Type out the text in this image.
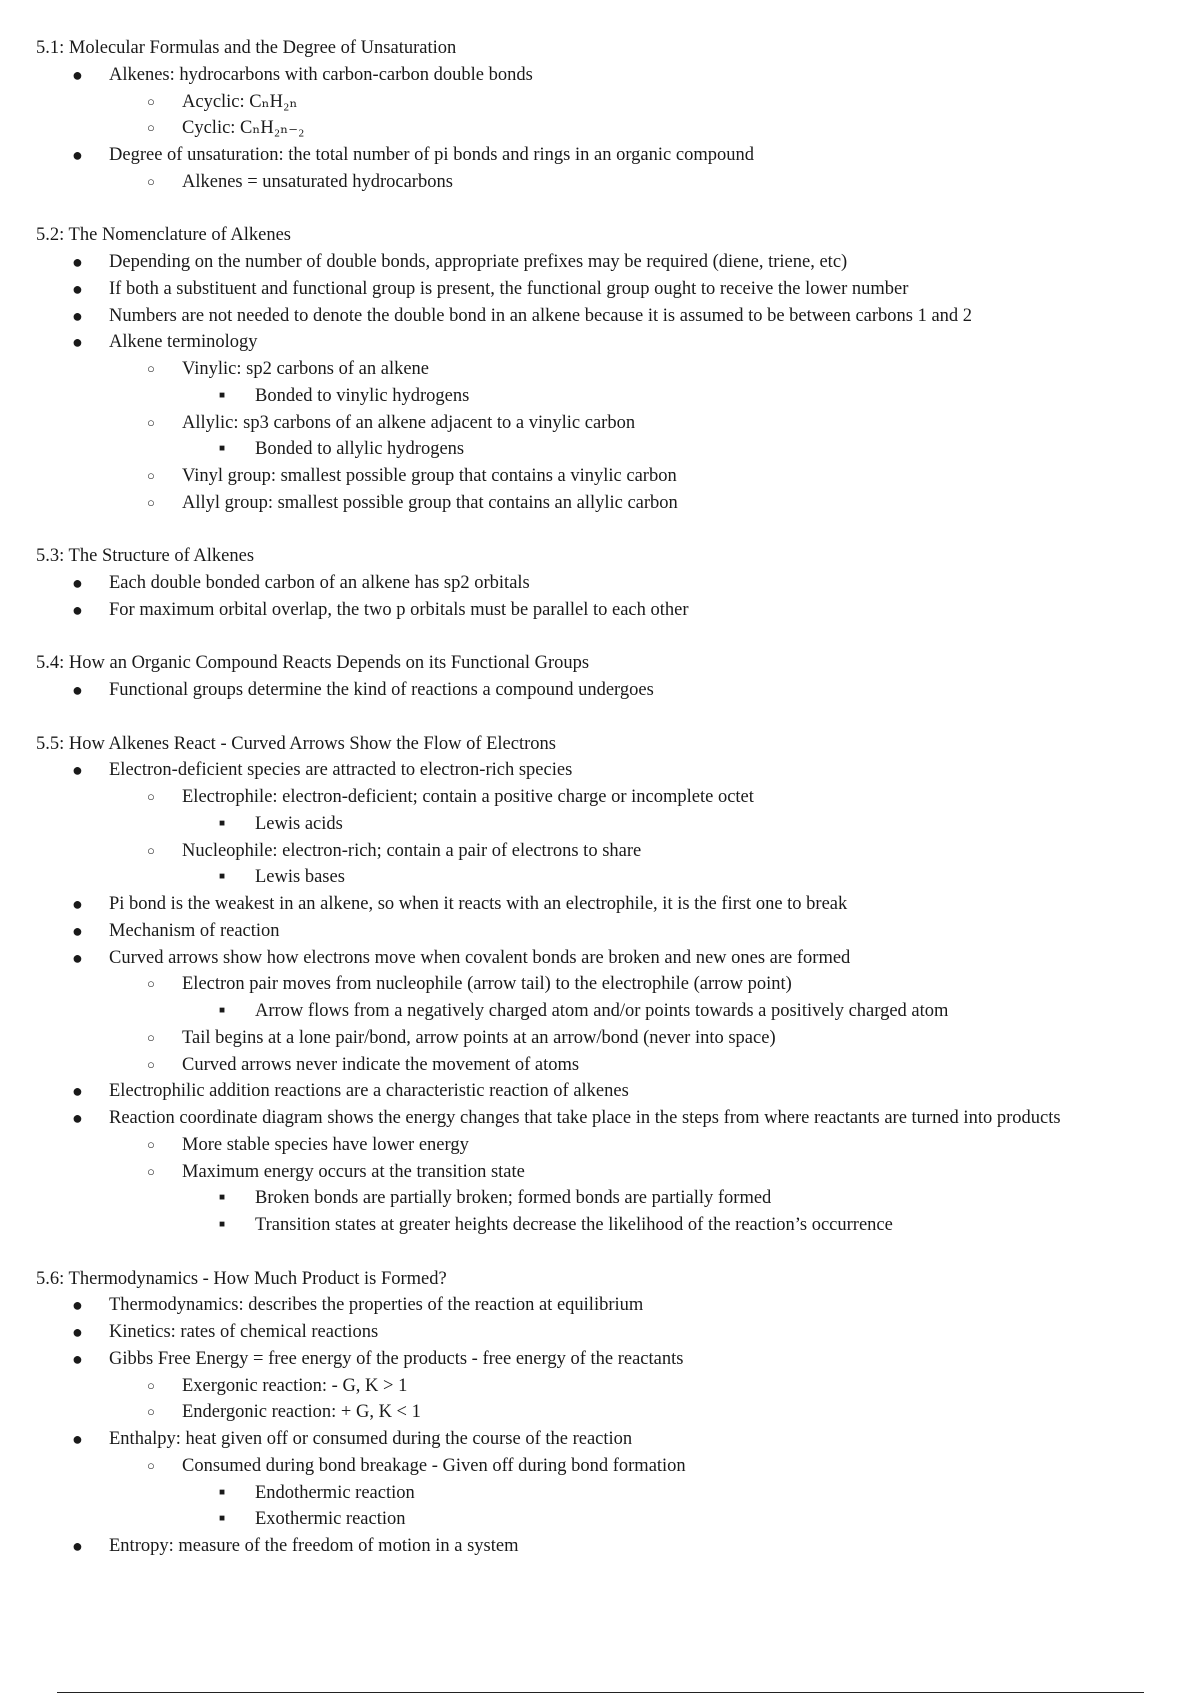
5.1: Molecular Formulas and the Degree of Unsaturation
● Alkenes: hydrocarbons with carbon-carbon double bonds
○ Acyclic: CₙH₂ₙ
○ Cyclic: CₙH₂ₙ₋₂
● Degree of unsaturation: the total number of pi bonds and rings in an organic compound
○ Alkenes = unsaturated hydrocarbons
5.2: The Nomenclature of Alkenes
● Depending on the number of double bonds, appropriate prefixes may be required (diene, triene, etc)
● If both a substituent and functional group is present, the functional group ought to receive the lower number
● Numbers are not needed to denote the double bond in an alkene because it is assumed to be between carbons 1 and 2
● Alkene terminology
○ Vinylic: sp2 carbons of an alkene
■ Bonded to vinylic hydrogens
○ Allylic: sp3 carbons of an alkene adjacent to a vinylic carbon
■ Bonded to allylic hydrogens
○ Vinyl group: smallest possible group that contains a vinylic carbon
○ Allyl group: smallest possible group that contains an allylic carbon
5.3: The Structure of Alkenes
● Each double bonded carbon of an alkene has sp2 orbitals
● For maximum orbital overlap, the two p orbitals must be parallel to each other
5.4: How an Organic Compound Reacts Depends on its Functional Groups
● Functional groups determine the kind of reactions a compound undergoes
5.5: How Alkenes React - Curved Arrows Show the Flow of Electrons
● Electron-deficient species are attracted to electron-rich species
○ Electrophile: electron-deficient; contain a positive charge or incomplete octet
■ Lewis acids
○ Nucleophile: electron-rich; contain a pair of electrons to share
■ Lewis bases
● Pi bond is the weakest in an alkene, so when it reacts with an electrophile, it is the first one to break
● Mechanism of reaction
● Curved arrows show how electrons move when covalent bonds are broken and new ones are formed
○ Electron pair moves from nucleophile (arrow tail) to the electrophile (arrow point)
■ Arrow flows from a negatively charged atom and/or points towards a positively charged atom
○ Tail begins at a lone pair/bond, arrow points at an arrow/bond (never into space)
○ Curved arrows never indicate the movement of atoms
● Electrophilic addition reactions are a characteristic reaction of alkenes
● Reaction coordinate diagram shows the energy changes that take place in the steps from where reactants are turned into products
○ More stable species have lower energy
○ Maximum energy occurs at the transition state
■ Broken bonds are partially broken; formed bonds are partially formed
■ Transition states at greater heights decrease the likelihood of the reaction’s occurrence
5.6: Thermodynamics - How Much Product is Formed?
● Thermodynamics: describes the properties of the reaction at equilibrium
● Kinetics: rates of chemical reactions
● Gibbs Free Energy = free energy of the products - free energy of the reactants
○ Exergonic reaction: - G, K > 1
○ Endergonic reaction: + G, K < 1
● Enthalpy: heat given off or consumed during the course of the reaction
○ Consumed during bond breakage - Given off during bond formation
■ Endothermic reaction
■ Exothermic reaction
● Entropy: measure of the freedom of motion in a system
